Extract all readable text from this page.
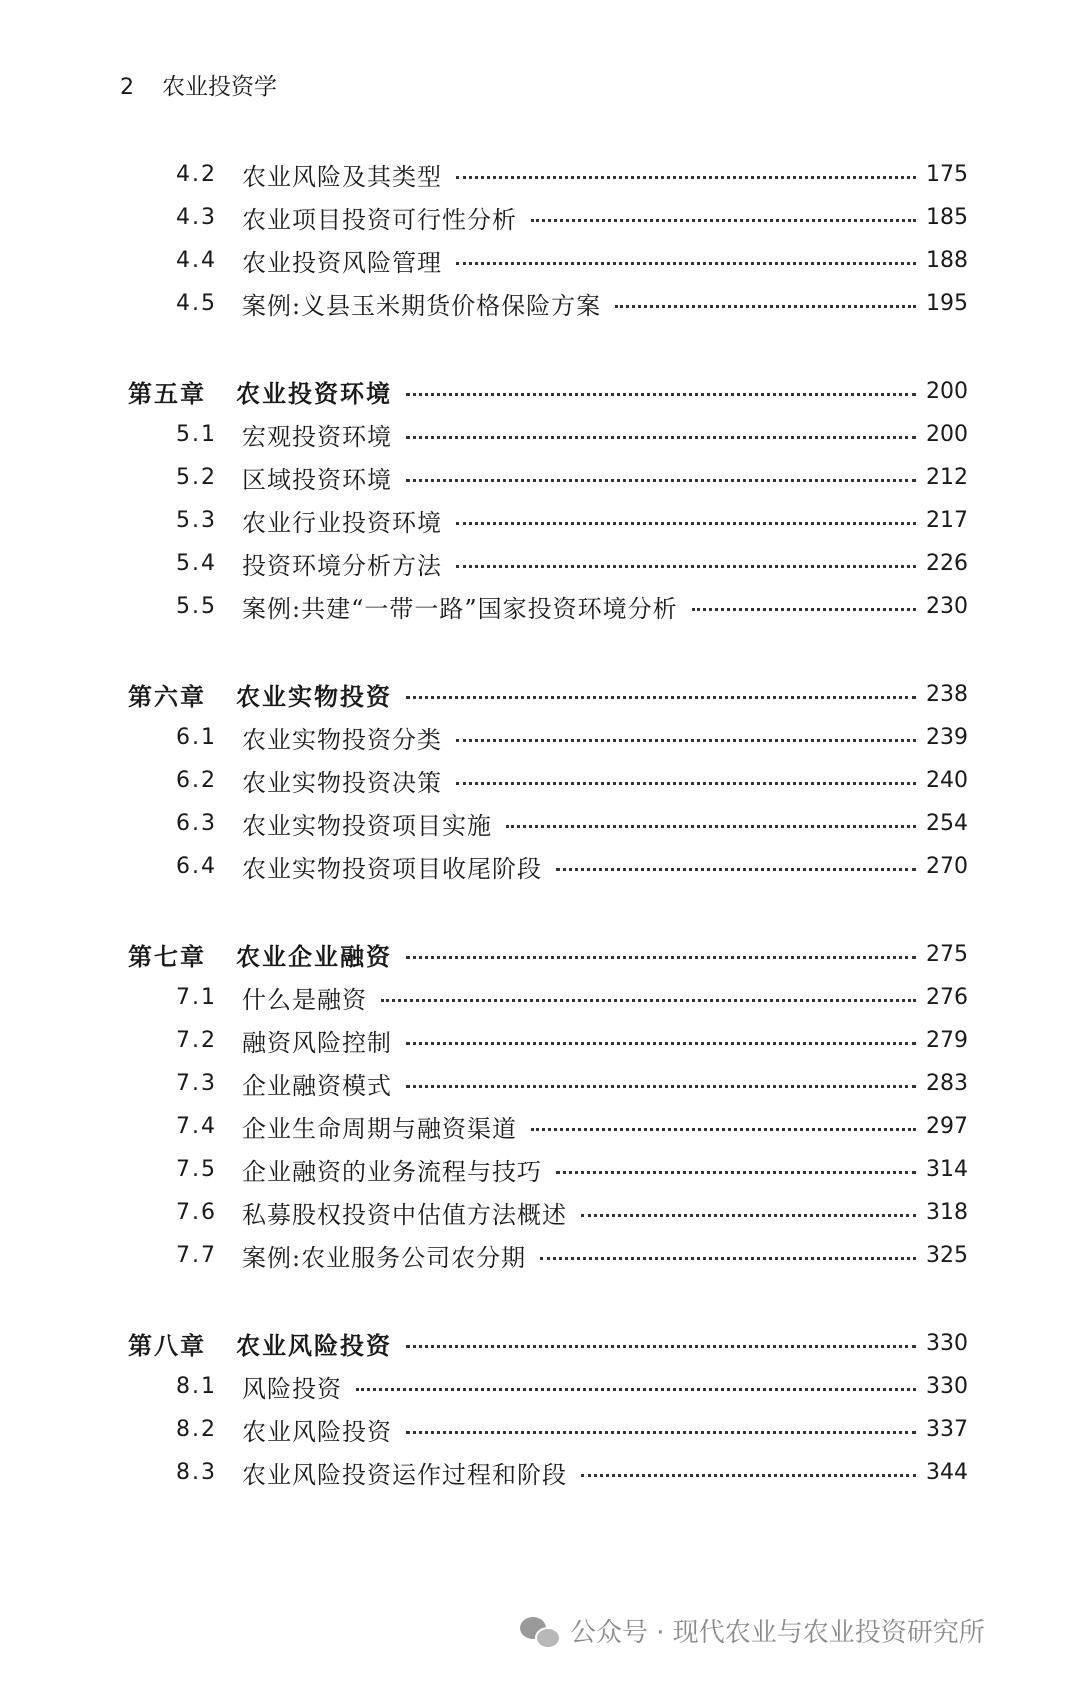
2 农业投资学
4.2 农业风险及其类型	175
4.3 农业项目投资可行性分析	185
4.4 农业投资风险管理	188
4.5 案例:义县玉米期货价格保险方案	195
第五章 农业投资环境	200
5.1 宏观投资环境	200
5.2 区域投资环境	212
5.3 农业行业投资环境	217
5.4 投资环境分析方法	226
5.5 案例:共建“一带一路”国家投资环境分析	230
第六章 农业实物投资	238
6.1 农业实物投资分类	239
6.2 农业实物投资决策	240
6.3 农业实物投资项目实施	254
6.4 农业实物投资项目收尾阶段	270
第七章 农业企业融资	275
7.1 什么是融资	276
7.2 融资风险控制	279
7.3 企业融资模式	283
7.4 企业生命周期与融资渠道	297
7.5 企业融资的业务流程与技巧	314
7.6 私募股权投资中估值方法概述	318
7.7 案例:农业服务公司农分期	325
第八章 农业风险投资	330
8.1 风险投资	330
8.2 农业风险投资	337
8.3 农业风险投资运作过程和阶段	344
公众号 · 现代农业与农业投资研究所
